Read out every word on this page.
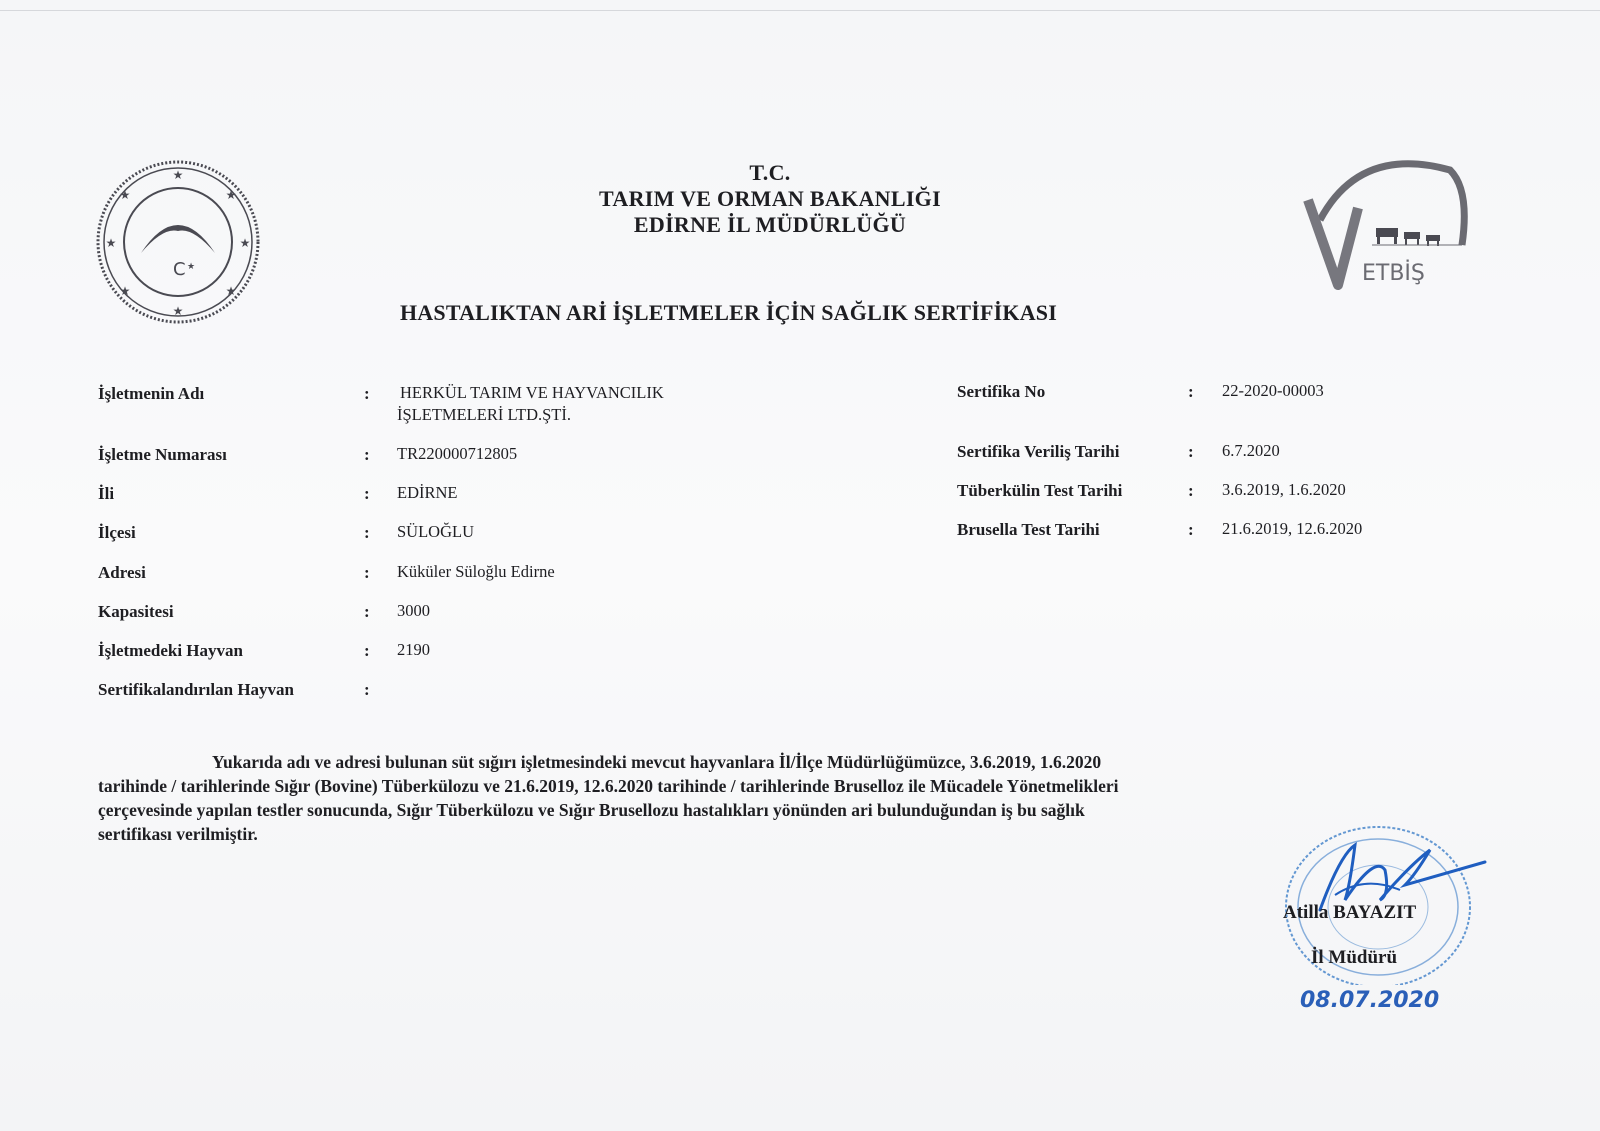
★
★	★
★	★
★	★
★
C ★
T.C.
TARIM VE ORMAN BAKANLIĞI
EDİRNE İL MÜDÜRLÜĞÜ
ETBİŞ
HASTALIKTAN ARİ İŞLETMELER İÇİN SAĞLIK SERTİFİKASI
İşletmenin Adı	: HERKÜL TARIM VE HAYVANCILIK
İŞLETMELERİ LTD.ŞTİ.
İşletme Numarası	: TR220000712805
İli	: EDİRNE
İlçesi	: SÜLOĞLU
Adresi	: Küküler Süloğlu Edirne
Kapasitesi	: 3000
İşletmedeki Hayvan	: 2190
Sertifikalandırılan Hayvan	:
Sertifika No	: 22-2020-00003
Sertifika Veriliş Tarihi	: 6.7.2020
Tüberkülin Test Tarihi	: 3.6.2019, 1.6.2020
Brusella Test Tarihi	: 21.6.2019, 12.6.2020
Yukarıda adı ve adresi bulunan süt sığırı işletmesindeki mevcut hayvanlara İl/İlçe Müdürlüğümüzce, 3.6.2019, 1.6.2020
tarihinde / tarihlerinde Sığır (Bovine) Tüberkülozu ve 21.6.2019, 12.6.2020 tarihinde / tarihlerinde Bruselloz ile Mücadele Yönetmelikleri
çerçevesinde yapılan testler sonucunda, Sığır Tüberkülozu ve Sığır Brusellozu hastalıkları yönünden ari bulunduğundan iş bu sağlık
sertifikası verilmiştir.
Atilla BAYAZIT
İl Müdürü
08.07.2020
